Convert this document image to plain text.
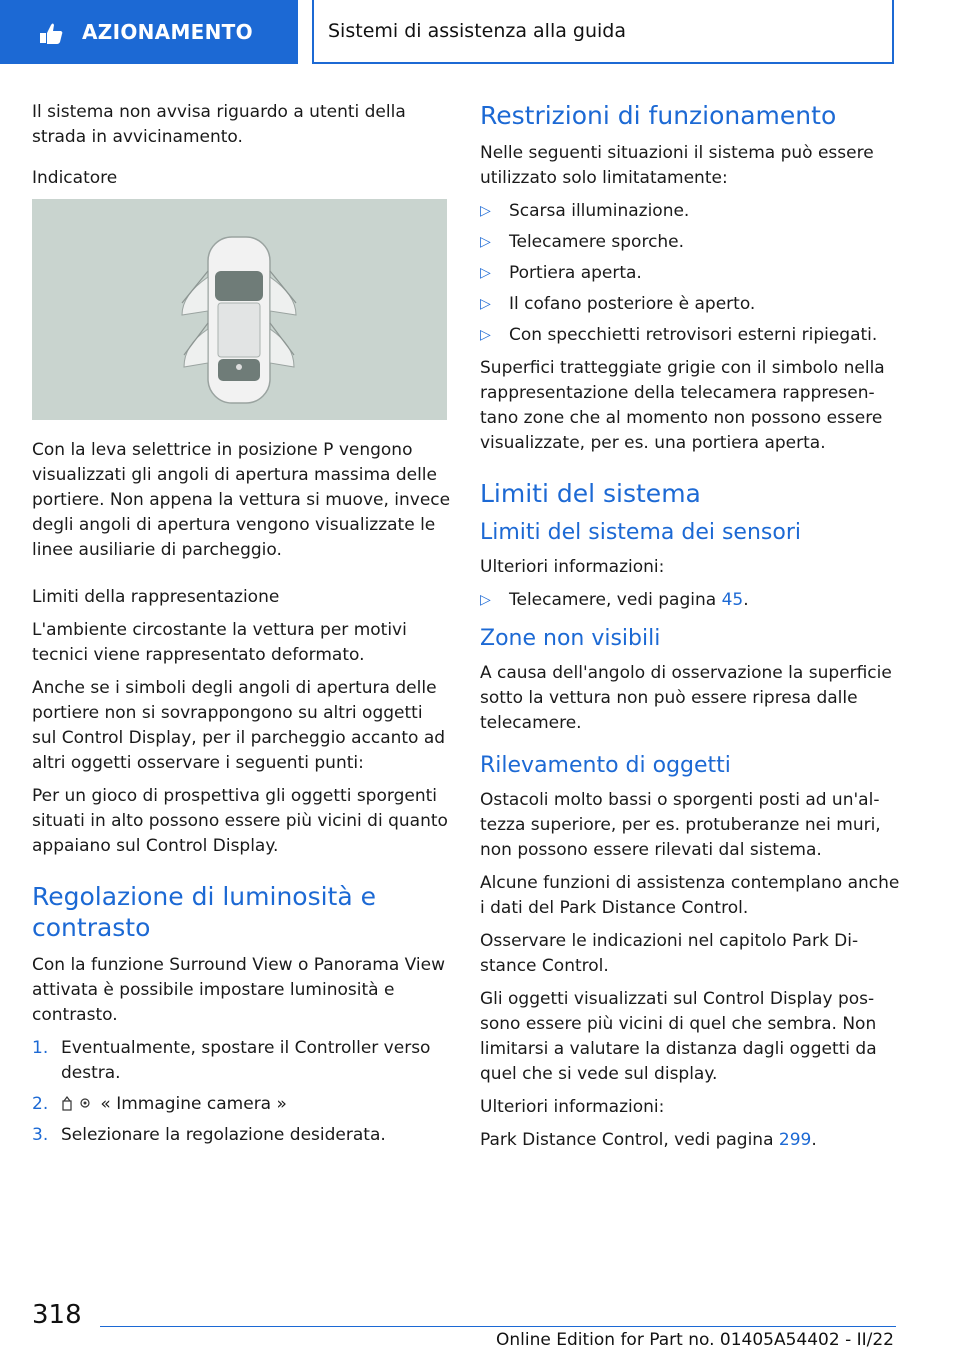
AZIONAMENTO	Sistemi di assistenza alla guida

Il sistema non avvisa riguardo a utenti della strada in avvicinamento.

Indicatore

Con la leva selettrice in posizione P vengono visualizzati gli angoli di apertura massima delle portiere. Non appena la vettura si muove, invece degli angoli di apertura vengono visualizzate le linee ausiliarie di parcheggio.

Limiti della rappresentazione

L'ambiente circostante la vettura per motivi tecnici viene rappresentato deformato.

Anche se i simboli degli angoli di apertura delle portiere non si sovrappongono su altri oggetti sul Control Display, per il parcheggio accanto ad altri oggetti osservare i seguenti punti:

Per un gioco di prospettiva gli oggetti sporgenti situati in alto possono essere più vicini di quanto appaiano sul Control Display.

Regolazione di luminosità e contrasto

Con la funzione Surround View o Panorama View attivata è possibile impostare luminosità e contrasto.

1. Eventualmente, spostare il Controller verso destra.
2.	« Immagine camera »
3. Selezionare la regolazione desiderata.
Restrizioni di funzionamento

Nelle seguenti situazioni il sistema può essere utilizzato solo limitatamente:

▷ Scarsa illuminazione.
▷ Telecamere sporche.
▷ Portiera aperta.
▷ Il cofano posteriore è aperto.
▷ Con specchietti retrovisori esterni ripiegati.

Superfici tratteggiate grigie con il simbolo nella rappresentazione della telecamera rappresentano zone che al momento non possono essere visualizzate, per es. una portiera aperta.

Limiti del sistema
Limiti del sistema dei sensori

Ulteriori informazioni:

▷ Telecamere, vedi pagina 45.
Zone non visibili

A causa dell'angolo di osservazione la superficie sotto la vettura non può essere ripresa dalle telecamere.

Rilevamento di oggetti

Ostacoli molto bassi o sporgenti posti ad un'altezza superiore, per es. protuberanze nei muri, non possono essere rilevati dal sistema.

Alcune funzioni di assistenza contemplano anche i dati del Park Distance Control.

Osservare le indicazioni nel capitolo Park Distance Control.

Gli oggetti visualizzati sul Control Display possono essere più vicini di quel che sembra. Non limitarsi a valutare la distanza dagli oggetti da quel che si vede sul display.

Ulteriori informazioni:

Park Distance Control, vedi pagina 299.

318
Online Edition for Part no. 01405A54402 - II/22
